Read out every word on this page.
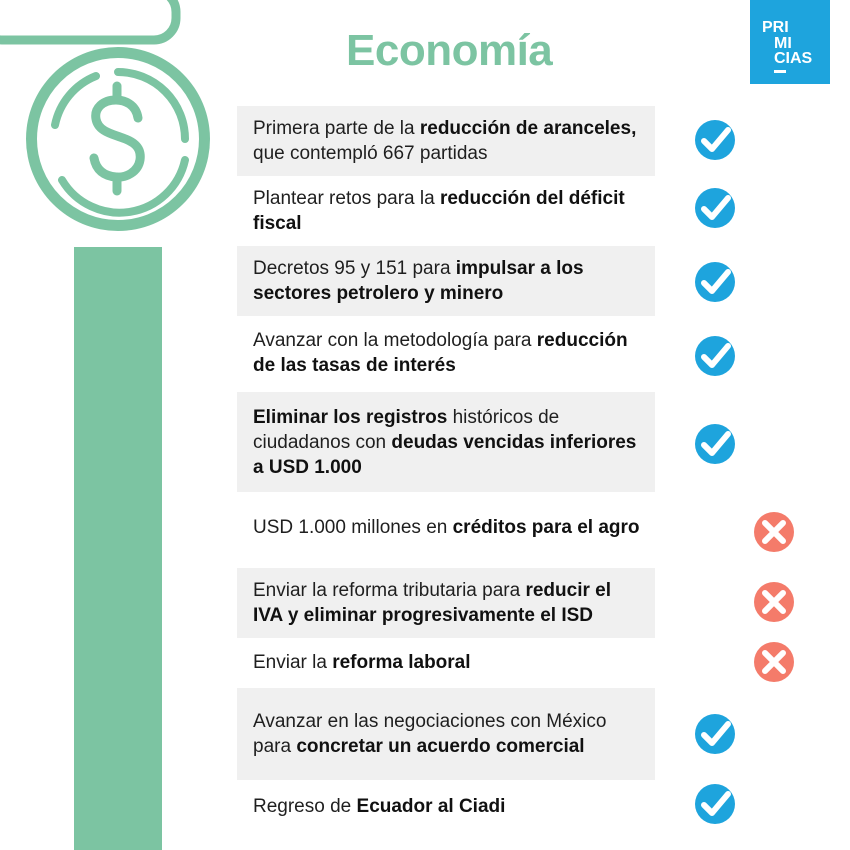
Economía	PRI
MI
CIAS
Primera parte de la reducción de aranceles, que contempló 667 partidas
Plantear retos para la reducción del déficit fiscal
Decretos 95 y 151 para impulsar a los sectores petrolero y minero
Avanzar con la metodología para reducción de las tasas de interés
Eliminar los registros históricos de ciudadanos con deudas vencidas inferiores a USD 1.000
USD 1.000 millones en créditos para el agro
Enviar la reforma tributaria para reducir el IVA y eliminar progresivamente el ISD
Enviar la reforma laboral
Avanzar en las negociaciones con México para concretar un acuerdo comercial
Regreso de Ecuador al Ciadi
